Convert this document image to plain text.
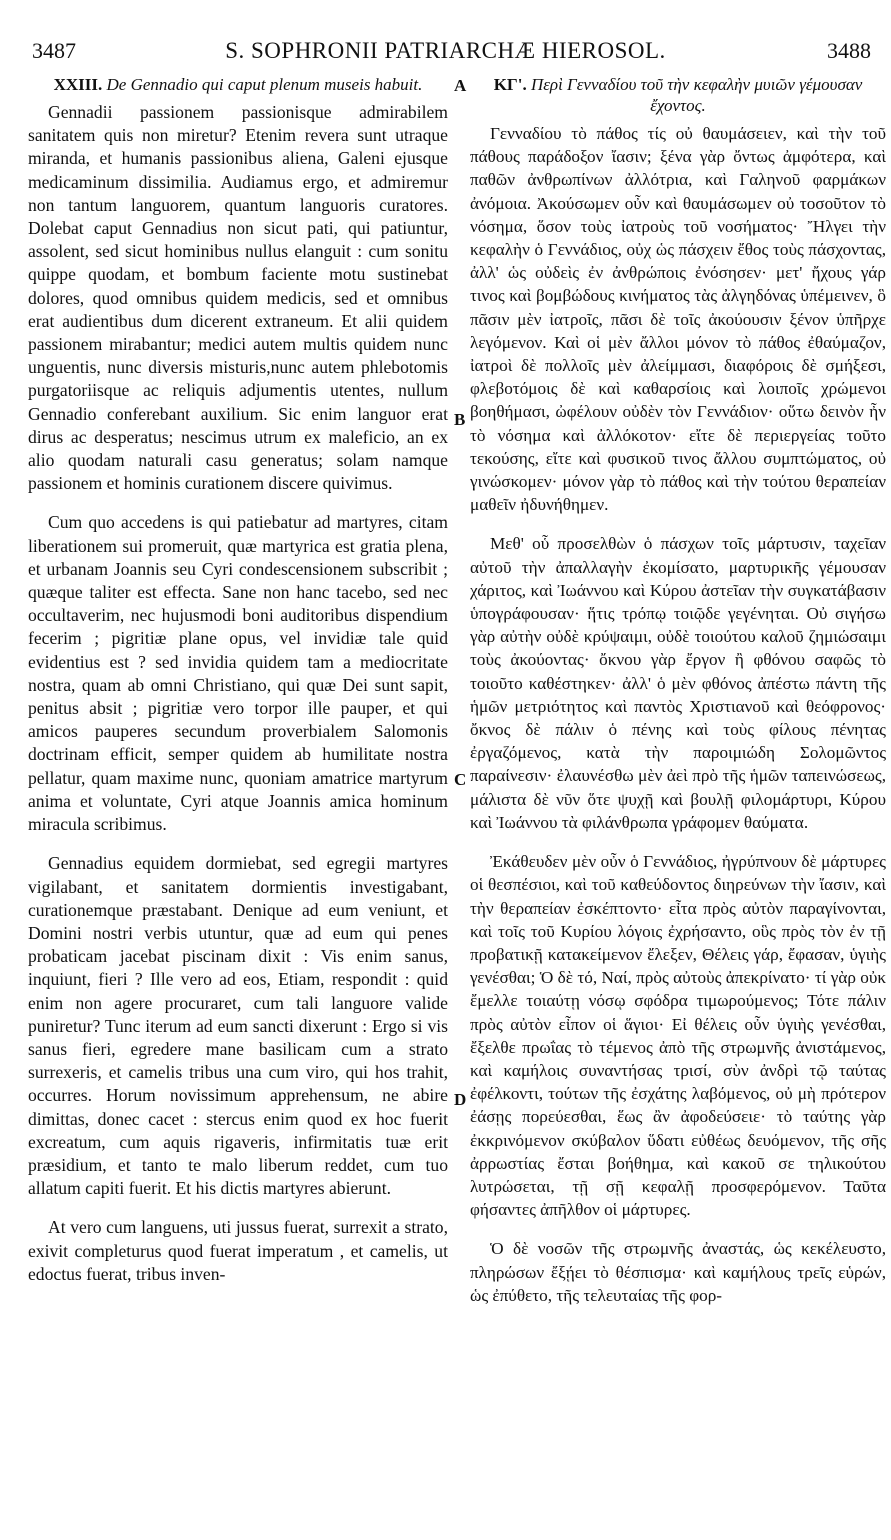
3487	S. SOPHRONII PATRIARCHÆ HIEROSOL.	3488
XXIII. De Gennadio qui caput plenum museis habuit.

Gennadii passionem passionisque admirabilem sanitatem quis non miretur? Etenim revera sunt utraque miranda, et humanis passionibus aliena, Galeni ejusque medicaminum dissimilia. Audiamus ergo, et admiremur non tantum languorem, quantum languoris curatores. Dolebat caput Gennadius non sicut pati, qui patiuntur, assolent, sed sicut hominibus nullus elanguit : cum sonitu quippe quodam, et bombum faciente motu sustinebat dolores, quod omnibus quidem medicis, sed et omnibus erat audientibus dum dicerent extraneum. Et alii quidem passionem mirabantur; medici autem multis quidem nunc unguentis, nunc diversis misturis,nunc autem phlebotomis purgatoriisque ac reliquis adjumentis utentes, nullum Gennadio conferebant auxilium. Sic enim languor erat dirus ac desperatus; nescimus utrum ex maleficio, an ex alio quodam naturali casu generatus; solam namque passionem et hominis curationem discere quivimus.

Cum quo accedens is qui patiebatur ad martyres, citam liberationem sui promeruit, quæ martyrica est gratia plena, et urbanam Joannis seu Cyri condescensionem subscribit ; quæque taliter est effecta. Sane non hanc tacebo, sed nec occultaverim, nec hujusmodi boni auditoribus dispendium fecerim ; pigritiæ plane opus, vel invidiæ tale quid evidentius est ? sed invidia quidem tam a mediocritate nostra, quam ab omni Christiano, qui quæ Dei sunt sapit, penitus absit ; pigritiæ vero torpor ille pauper, et qui amicos pauperes secundum proverbialem Salomonis doctrinam efficit, semper quidem ab humilitate nostra pellatur, quam maxime nunc, quoniam amatrice martyrum anima et voluntate, Cyri atque Joannis amica hominum miracula scribimus.

Gennadius equidem dormiebat, sed egregii martyres vigilabant, et sanitatem dormientis investigabant, curationemque præstabant. Denique ad eum veniunt, et Domini nostri verbis utuntur, quæ ad eum qui penes probaticam jacebat piscinam dixit : Vis enim sanus, inquiunt, fieri ? Ille vero ad eos, Etiam, respondit : quid enim non agere procuraret, cum tali languore valide puniretur? Tunc iterum ad eum sancti dixerunt : Ergo si vis sanus fieri, egredere mane basilicam cum a strato surrexeris, et camelis tribus una cum viro, qui hos trahit, occurres. Horum novissimum apprehensum, ne abire dimittas, donec cacet : stercus enim quod ex hoc fuerit excreatum, cum aquis rigaveris, infirmitatis tuæ erit præsidium, et tanto te malo liberum reddet, cum tuo allatum capiti fuerit. Et his dictis martyres abierunt.

At vero cum languens, uti jussus fuerat, surrexit a strato, exivit completurus quod fuerat imperatum , et camelis, ut edoctus fuerat, tribus inven-

A
B
C
D
ΚΓ'. Περὶ Γενναδίου τοῦ τὴν κεφαλὴν μυιῶν γέμουσαν ἔχοντος.

Γενναδίου τὸ πάθος τίς οὐ θαυμάσειεν, καὶ τὴν τοῦ πάθους παράδοξον ἴασιν; ξένα γὰρ ὄντως ἀμφότερα, καὶ παθῶν ἀνθρωπίνων ἀλλότρια, καὶ Γαληνοῦ φαρμάκων ἀνόμοια. Ἀκούσωμεν οὖν καὶ θαυμάσωμεν οὐ τοσοῦτον τὸ νόσημα, ὅσον τοὺς ἰατροὺς τοῦ νοσήματος· Ἤλγει τὴν κεφαλὴν ὁ Γεννάδιος, οὐχ ὡς πάσχειν ἔθος τοὺς πάσχοντας, ἀλλ' ὡς οὐδεὶς ἐν ἀνθρώποις ἐνόσησεν· μετ' ἤχους γάρ τινος καὶ βομβώδους κινήματος τὰς ἀλγηδόνας ὑπέμεινεν, ὃ πᾶσιν μὲν ἰατροῖς, πᾶσι δὲ τοῖς ἀκούουσιν ξένον ὑπῆρχε λεγόμενον. Καὶ οἱ μὲν ἄλλοι μόνον τὸ πάθος ἐθαύμαζον, ἰατροὶ δὲ πολλοῖς μὲν ἀλείμμασι, διαφόροις δὲ σμήξεσι, φλεβοτόμοις δὲ καὶ καθαρσίοις καὶ λοιποῖς χρώμενοι βοηθήμασι, ὠφέλουν οὐδὲν τὸν Γεννάδιον· οὕτω δεινὸν ἦν τὸ νόσημα καὶ ἀλλόκοτον· εἴτε δὲ περιεργείας τοῦτο τεκούσης, εἴτε καὶ φυσικοῦ τινος ἄλλου συμπτώματος, οὐ γινώσκομεν· μόνον γὰρ τὸ πάθος καὶ τὴν τούτου θεραπείαν μαθεῖν ἠδυνήθημεν.

Μεθ' οὗ προσελθὼν ὁ πάσχων τοῖς μάρτυσιν, ταχεῖαν αὐτοῦ τὴν ἀπαλλαγὴν ἐκομίσατο, μαρτυρικῆς γέμουσαν χάριτος, καὶ Ἰωάννου καὶ Κύρου ἀστεῖαν τὴν συγκατάβασιν ὑπογράφουσαν· ἥτις τρόπῳ τοιῷδε γεγένηται. Οὐ σιγήσω γὰρ αὐτὴν οὐδὲ κρύψαιμι, οὐδὲ τοιούτου καλοῦ ζημιώσαιμι τοὺς ἀκούοντας· ὄκνου γὰρ ἔργον ἢ φθόνου σαφῶς τὸ τοιοῦτο καθέστηκεν· ἀλλ' ὁ μὲν φθόνος ἀπέστω πάντη τῆς ἡμῶν μετριότητος καὶ παντὸς Χριστιανοῦ καὶ θεόφρονος· ὄκνος δὲ πάλιν ὁ πένης καὶ τοὺς φίλους πένητας ἐργαζόμενος, κατὰ τὴν παροιμιώδη Σολομῶντος παραίνεσιν· ἐλαυνέσθω μὲν ἀεὶ πρὸ τῆς ἡμῶν ταπεινώσεως, μάλιστα δὲ νῦν ὅτε ψυχῇ καὶ βουλῇ φιλομάρτυρι, Κύρου καὶ Ἰωάννου τὰ φιλάνθρωπα γράφομεν θαύματα.

Ἐκάθευδεν μὲν οὖν ὁ Γεννάδιος, ἠγρύπνουν δὲ μάρτυρες οἱ θεσπέσιοι, καὶ τοῦ καθεύδοντος διηρεύνων τὴν ἴασιν, καὶ τὴν θεραπείαν ἐσκέπτοντο· εἶτα πρὸς αὐτὸν παραγίνονται, καὶ τοῖς τοῦ Κυρίου λόγοις ἐχρήσαντο, οὓς πρὸς τὸν ἐν τῇ προβατικῇ κατακείμενον ἔλεξεν, Θέλεις γάρ, ἔφασαν, ὑγιὴς γενέσθαι; Ὁ δὲ τό, Ναί, πρὸς αὐτοὺς ἀπεκρίνατο· τί γὰρ οὐκ ἔμελλε τοιαύτῃ νόσῳ σφόδρα τιμωρούμενος; Τότε πάλιν πρὸς αὐτὸν εἶπον οἱ ἅγιοι· Εἰ θέλεις οὖν ὑγιὴς γενέσθαι, ἔξελθε πρωΐας τὸ τέμενος ἀπὸ τῆς στρωμνῆς ἀνιστάμενος, καὶ καμήλοις συναντήσας τρισί, σὺν ἀνδρὶ τῷ ταύτας ἐφέλκοντι, τούτων τῆς ἐσχάτης λαβόμενος, οὐ μὴ πρότερον ἐάσῃς πορεύεσθαι, ἕως ἂν ἀφοδεύσειε· τὸ ταύτης γὰρ ἐκκρινόμενον σκύβαλον ὕδατι εὐθέως δευόμενον, τῆς σῆς ἀρρωστίας ἔσται βοήθημα, καὶ κακοῦ σε τηλικούτου λυτρώσεται, τῇ σῇ κεφαλῇ προσφερόμενον. Ταῦτα φήσαντες ἀπῆλθον οἱ μάρτυρες.

Ὁ δὲ νοσῶν τῆς στρωμνῆς ἀναστάς, ὡς κεκέλευστο, πληρώσων ἔξῄει τὸ θέσπισμα· καὶ καμήλους τρεῖς εὑρών, ὡς ἐπύθετο, τῆς τελευταίας τῆς φορ-
